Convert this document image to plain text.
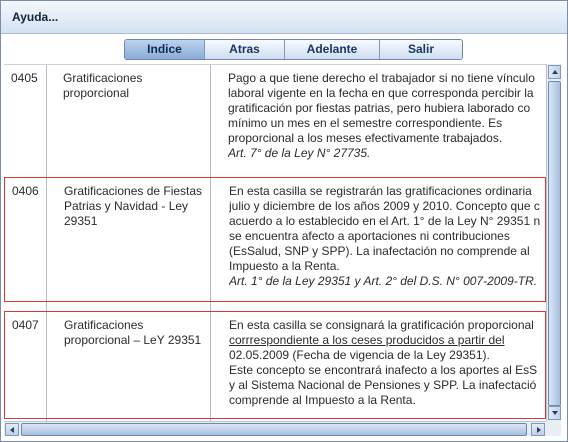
Ayuda...
Indice	Atras	Adelante	Salir
0405 Gratificaciones proporcional
Pago a que tiene derecho el trabajador si no tiene vínculo
laboral vigente en la fecha en que corresponda percibir la
gratificación por fiestas patrias, pero hubiera laborado co
mínimo un mes en el semestre correspondiente. Es
proporcional a los meses efectivamente trabajados.
Art. 7° de la Ley N° 27735.
0406 Gratificaciones de Fiestas Patrias y Navidad - Ley 29351
En esta casilla se registrarán las gratificaciones ordinaria
julio y diciembre de los años 2009 y 2010. Concepto que c
acuerdo a lo establecido en el Art. 1° de la Ley N° 29351 n
se encuentra afecto a aportaciones ni contribuciones
(EsSalud, SNP y SPP). La inafectación no comprende al
Impuesto a la Renta.
Art. 1° de la Ley 29351 y Art. 2° del D.S. N° 007-2009-TR.
0407 Gratificaciones proporcional – LeY 29351
En esta casilla se consignará la gratificación proporcional
corrrespondiente a los ceses producidos a partir del
02.05.2009 (Fecha de vigencia de la Ley 29351).
Este concepto se encontrará inafecto a los aportes al EsS
y al Sistema Nacional de Pensiones y SPP. La inafectació
comprende al Impuesto a la Renta.
